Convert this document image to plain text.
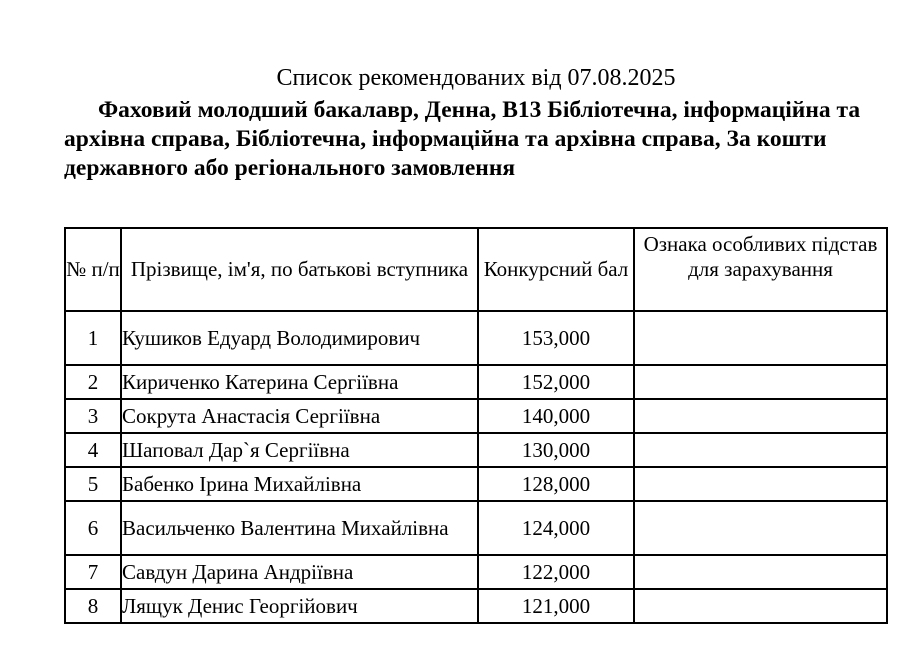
Список рекомендованих від 07.08.2025
Фаховий молодший бакалавр, Денна, B13 Бібліотечна, інформаційна та архівна справа, Бібліотечна, інформаційна та архівна справа, За кошти державного або регіонального замовлення
№ п/п	Прізвище, ім'я, по батькові вступника	Конкурсний бал	Ознака особливих підстав для зарахування
1	Кушиков Едуард Володимирович	153,000	
2	Кириченко Катерина Сергіївна	152,000	
3	Сокрута Анастасія Сергіївна	140,000	
4	Шаповал Дар`я Сергіївна	130,000	
5	Бабенко Ірина Михайлівна	128,000	
6	Васильченко Валентина Михайлівна	124,000	
7	Савдун Дарина Андріївна	122,000	
8	Лящук Денис Георгійович	121,000	
